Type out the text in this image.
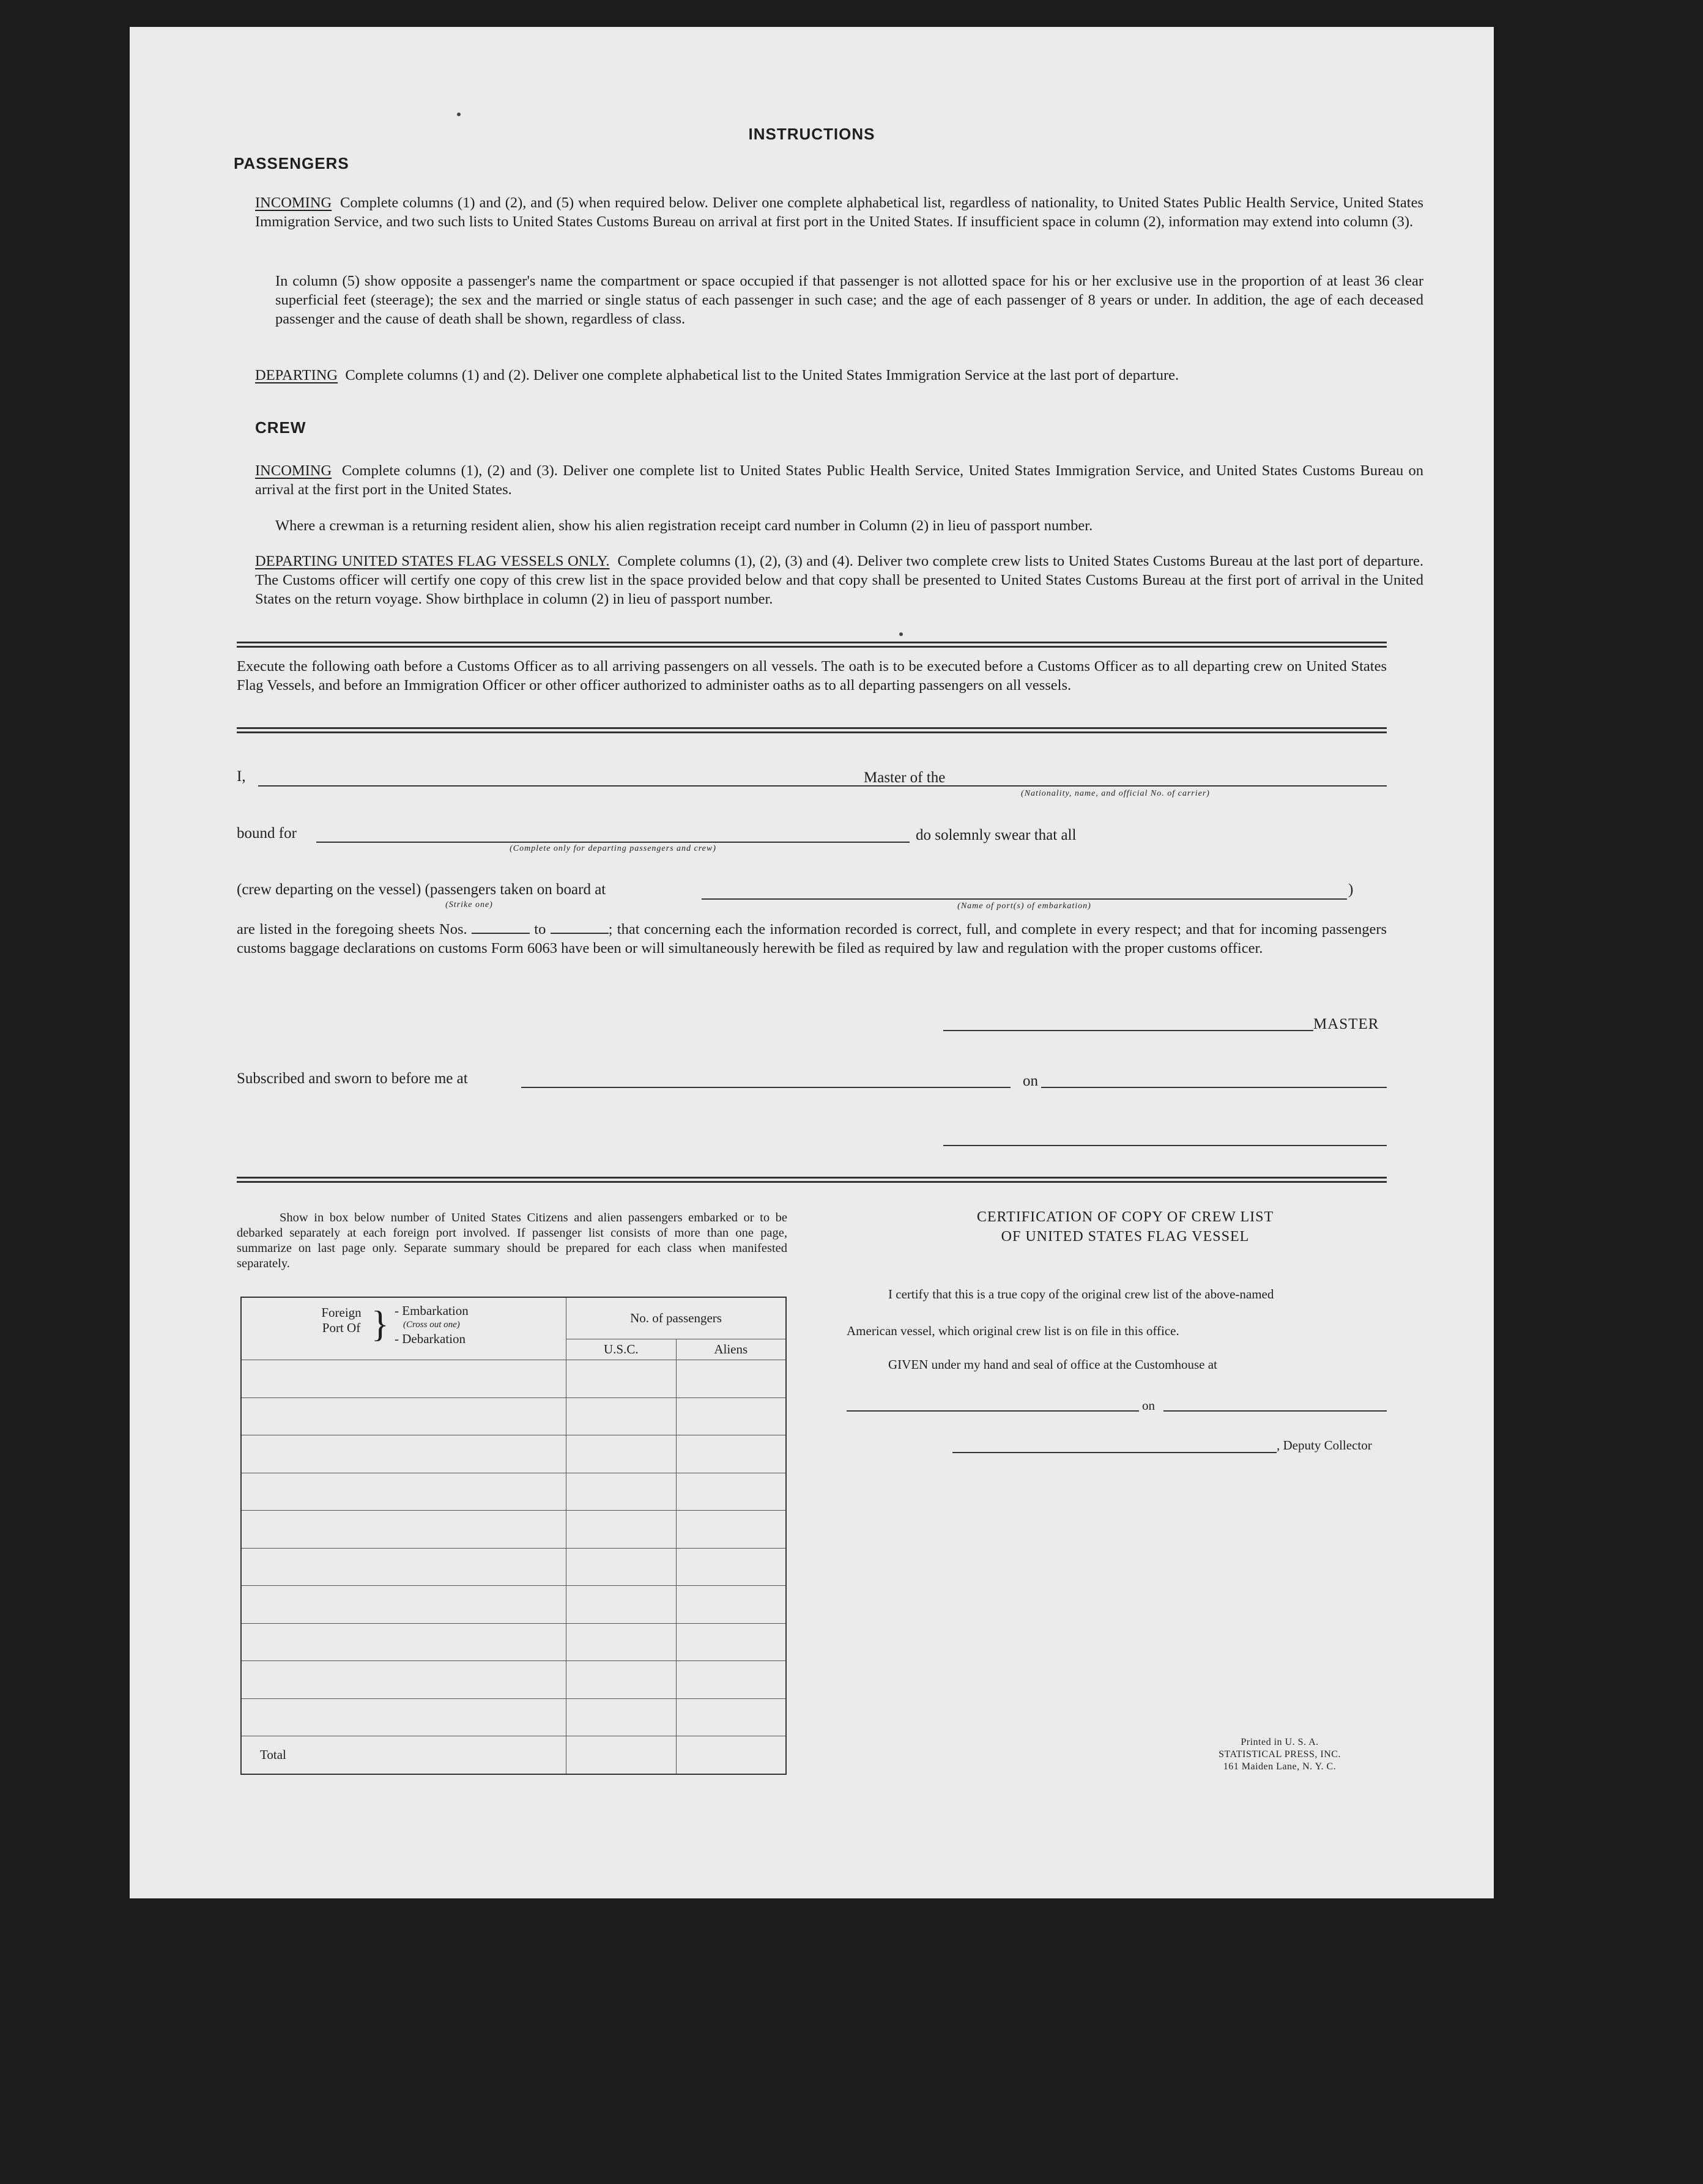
INSTRUCTIONS
PASSENGERS
INCOMING Complete columns (1) and (2), and (5) when required below. Deliver one complete alphabetical list, regardless of nationality, to United States Public Health Service, United States Immigration Service, and two such lists to United States Customs Bureau on arrival at first port in the United States. If insufficient space in column (2), information may extend into column (3).
In column (5) show opposite a passenger's name the compartment or space occupied if that passenger is not allotted space for his or her exclusive use in the proportion of at least 36 clear superficial feet (steerage); the sex and the married or single status of each passenger in such case; and the age of each passenger of 8 years or under. In addition, the age of each deceased passenger and the cause of death shall be shown, regardless of class.
DEPARTING Complete columns (1) and (2). Deliver one complete alphabetical list to the United States Immigration Service at the last port of departure.
CREW
INCOMING Complete columns (1), (2) and (3). Deliver one complete list to United States Public Health Service, United States Immigration Service, and United States Customs Bureau on arrival at the first port in the United States.
Where a crewman is a returning resident alien, show his alien registration receipt card number in Column (2) in lieu of passport number.
DEPARTING UNITED STATES FLAG VESSELS ONLY. Complete columns (1), (2), (3) and (4). Deliver two complete crew lists to United States Customs Bureau at the last port of departure. The Customs officer will certify one copy of this crew list in the space provided below and that copy shall be presented to United States Customs Bureau at the first port of arrival in the United States on the return voyage. Show birthplace in column (2) in lieu of passport number.
Execute the following oath before a Customs Officer as to all arriving passengers on all vessels. The oath is to be executed before a Customs Officer as to all departing crew on United States Flag Vessels, and before an Immigration Officer or other officer authorized to administer oaths as to all departing passengers on all vessels.
I,	Master of the
(Nationality, name, and official No. of carrier)
bound for
(Complete only for departing passengers and crew)
do solemnly swear that all
(crew departing on the vessel) (passengers taken on board at
(Strike one)	(Name of port(s) of embarkation)
)
are listed in the foregoing sheets Nos.	to	; that concerning each the information recorded is correct, full, and complete in every respect; and that for incoming passengers customs baggage declarations on customs Form 6063 have been or will simultaneously herewith be filed as required by law and regulation with the proper customs officer.
MASTER
Subscribed and sworn to before me at	on
Show in box below number of United States Citizens and alien passengers embarked or to be debarked separately at each foreign port involved. If passenger list consists of more than one page, summarize on last page only. Separate summary should be prepared for each class when manifested separately.
CERTIFICATION OF COPY OF CREW LIST
OF UNITED STATES FLAG VESSEL
I certify that this is a true copy of the original crew list of the above-named
American vessel, which original crew list is on file in this office.
GIVEN under my hand and seal of office at the Customhouse at
on
, Deputy Collector
Printed in U. S. A.
STATISTICAL PRESS, INC.
161 Maiden Lane, N. Y. C.
Foreign Port Of } - Embarkation
(Cross out one)
- Debarkation	No. of passengers	
	U.S.C.	Aliens

Total		
